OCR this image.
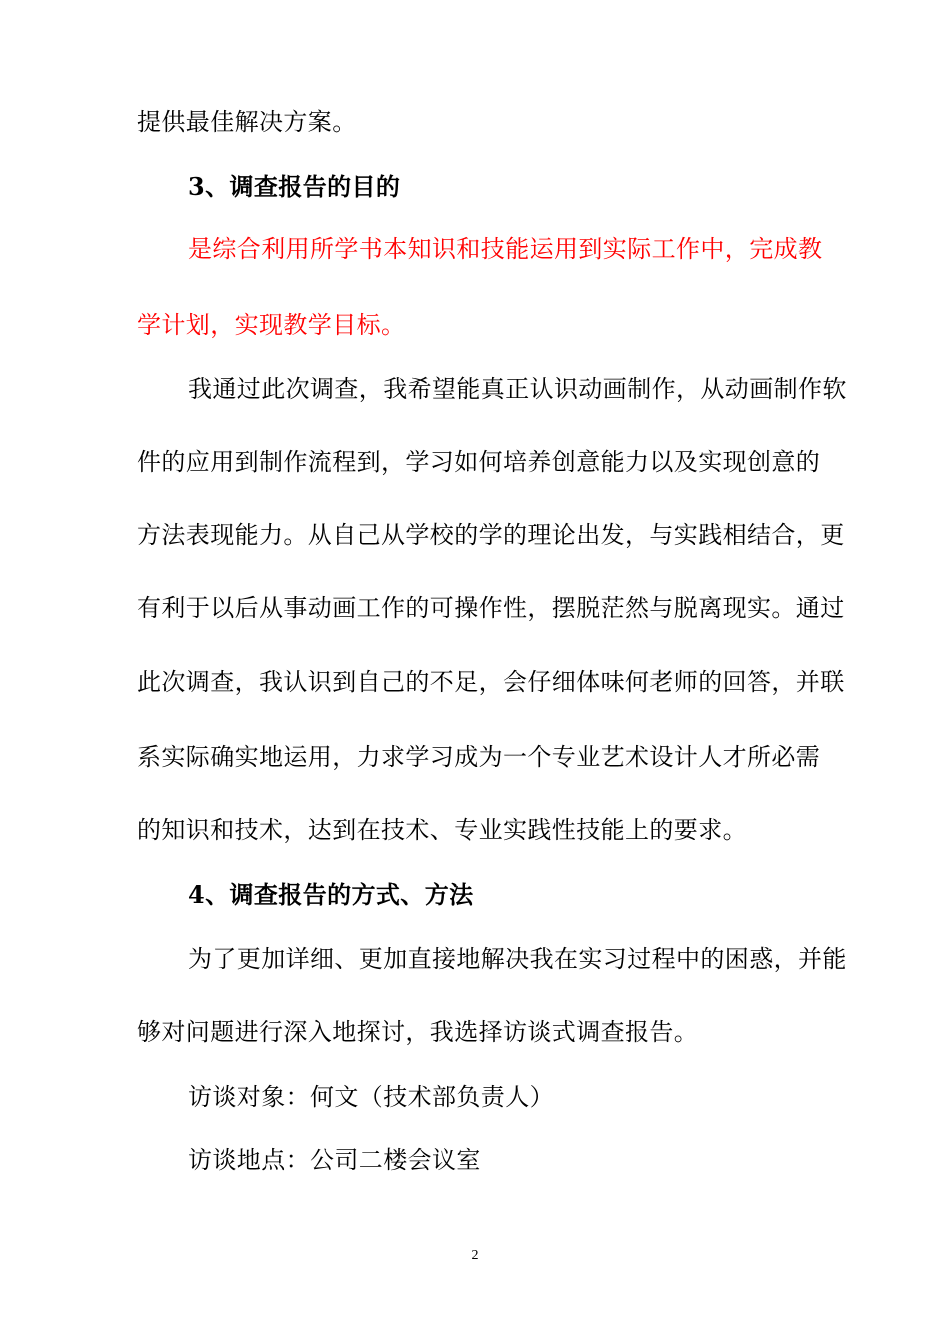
提供最佳解决方案。
3、调查报告的目的
是综合利用所学书本知识和技能运用到实际工作中，完成教
学计划，实现教学目标。
我通过此次调查，我希望能真正认识动画制作，从动画制作软
件的应用到制作流程到，学习如何培养创意能力以及实现创意的
方法表现能力。从自己从学校的学的理论出发，与实践相结合，更
有利于以后从事动画工作的可操作性，摆脱茫然与脱离现实。通过
此次调查，我认识到自己的不足，会仔细体味何老师的回答，并联
系实际确实地运用，力求学习成为一个专业艺术设计人才所必需
的知识和技术，达到在技术、专业实践性技能上的要求。
4、调查报告的方式、方法
为了更加详细、更加直接地解决我在实习过程中的困惑，并能
够对问题进行深入地探讨，我选择访谈式调查报告。
访谈对象：何文（技术部负责人）
访谈地点：公司二楼会议室
2
